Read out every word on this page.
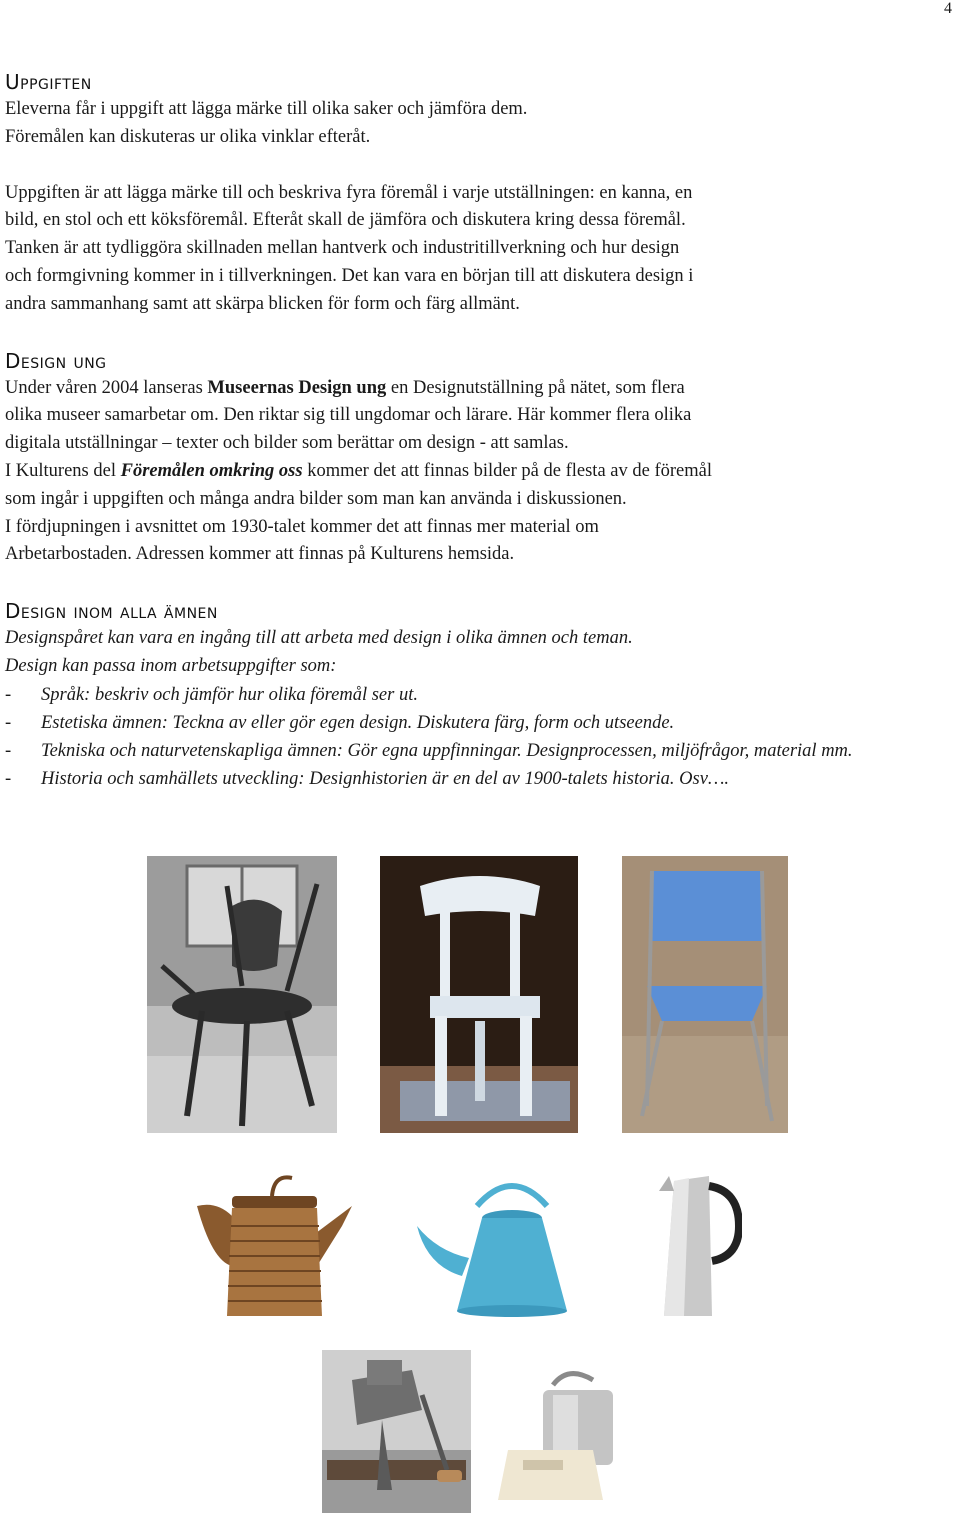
4
Uppgiften

Eleverna får i uppgift att lägga märke till olika saker och jämföra dem.
Föremålen kan diskuteras ur olika vinklar efteråt.

Uppgiften är att lägga märke till och beskriva fyra föremål i varje utställningen: en kanna, en
bild, en stol och ett köksföremål. Efteråt skall de jämföra och diskutera kring dessa föremål.
Tanken är att tydliggöra skillnaden mellan hantverk och industritillverkning och hur design
och formgivning kommer in i tillverkningen. Det kan vara en början till att diskutera design i
andra sammanhang samt att skärpa blicken för form och färg allmänt.

Design ung

Under våren 2004 lanseras Museernas Design ung en Designutställning på nätet, som flera
olika museer samarbetar om. Den riktar sig till ungdomar och lärare. Här kommer flera olika
digitala utställningar – texter och bilder som berättar om design - att samlas.
I Kulturens del Föremålen omkring oss kommer det att finnas bilder på de flesta av de föremål
som ingår i uppgiften och många andra bilder som man kan använda i diskussionen.
I fördjupningen i avsnittet om 1930-talet kommer det att finnas mer material om
Arbetarbostaden. Adressen kommer att finnas på Kulturens hemsida.

Design inom alla ämnen

Designspåret kan vara en ingång till att arbeta med design i olika ämnen och teman.
Design kan passa inom arbetsuppgifter som:

- Språk: beskriv och jämför hur olika föremål ser ut.
- Estetiska ämnen: Teckna av eller gör egen design. Diskutera färg, form och utseende.
- Tekniska och naturvetenskapliga ämnen: Gör egna uppfinningar. Designprocessen, miljöfrågor, material mm.
- Historia och samhällets utveckling: Designhistorien är en del av 1900-talets historia. Osv….
